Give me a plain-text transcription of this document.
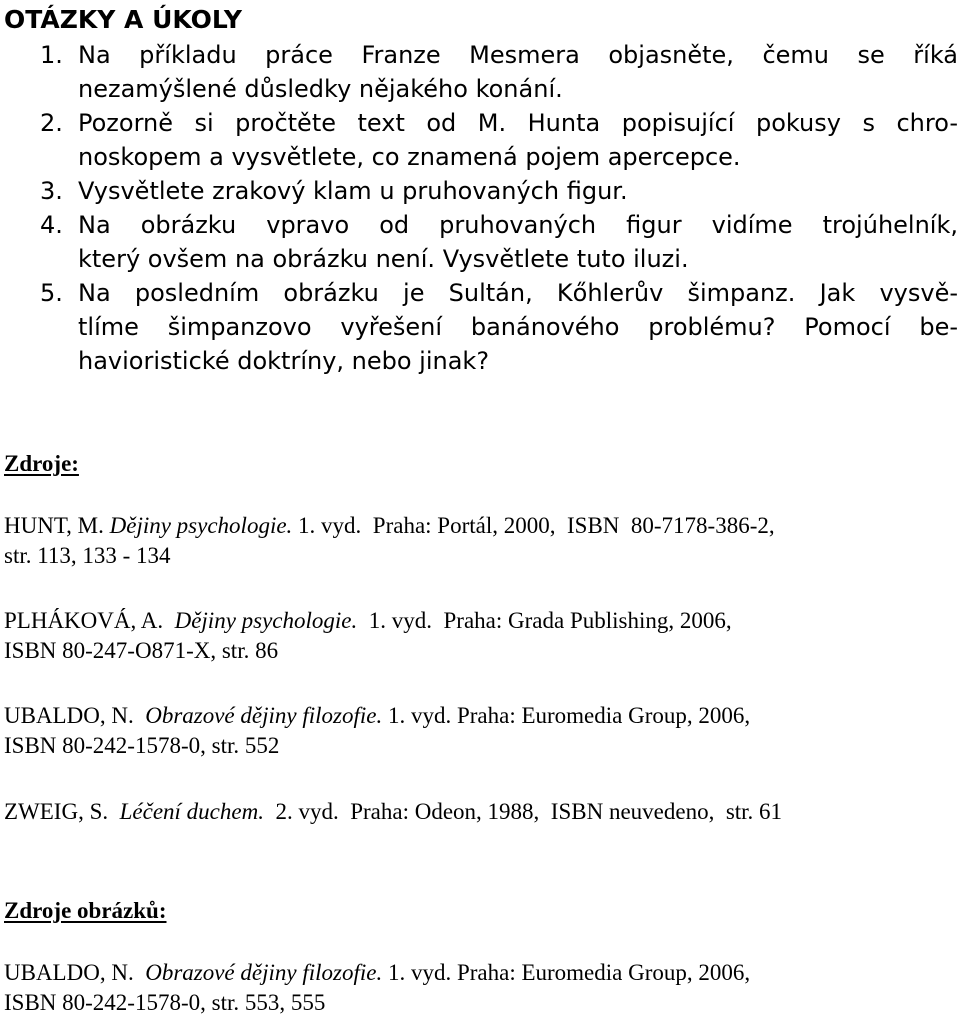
OTÁZKY A ÚKOLY
1. Na příkladu práce Franze Mesmera objasněte, čemu se říká
nezamýšlené důsledky nějakého konání.
2. Pozorně si pročtěte text od M. Hunta popisující pokusy s chro-
noskopem a vysvětlete, co znamená pojem apercepce.
3. Vysvětlete zrakový klam u pruhovaných figur.
4. Na obrázku vpravo od pruhovaných figur vidíme trojúhelník,
který ovšem na obrázku není. Vysvětlete tuto iluzi.
5. Na posledním obrázku je Sultán, Kőhlerův šimpanz. Jak vysvě-
tlíme šimpanzovo vyřešení banánového problému? Pomocí be-
havioristické doktríny, nebo jinak?
Zdroje:

HUNT, M. Dějiny psychologie. 1. vyd.  Praha: Portál, 2000,  ISBN  80-7178-386-2,
str. 113, 133 - 134

PLHÁKOVÁ, A.  Dějiny psychologie.  1. vyd.  Praha: Grada Publishing, 2006,
ISBN 80-247-O871-X, str. 86

UBALDO, N.  Obrazové dějiny filozofie. 1. vyd. Praha: Euromedia Group, 2006,
ISBN 80-242-1578-0, str. 552

ZWEIG, S.  Léčení duchem.  2. vyd.  Praha: Odeon, 1988,  ISBN neuvedeno,  str. 61

Zdroje obrázků:

UBALDO, N.  Obrazové dějiny filozofie. 1. vyd. Praha: Euromedia Group, 2006,
ISBN 80-242-1578-0, str. 553, 555
